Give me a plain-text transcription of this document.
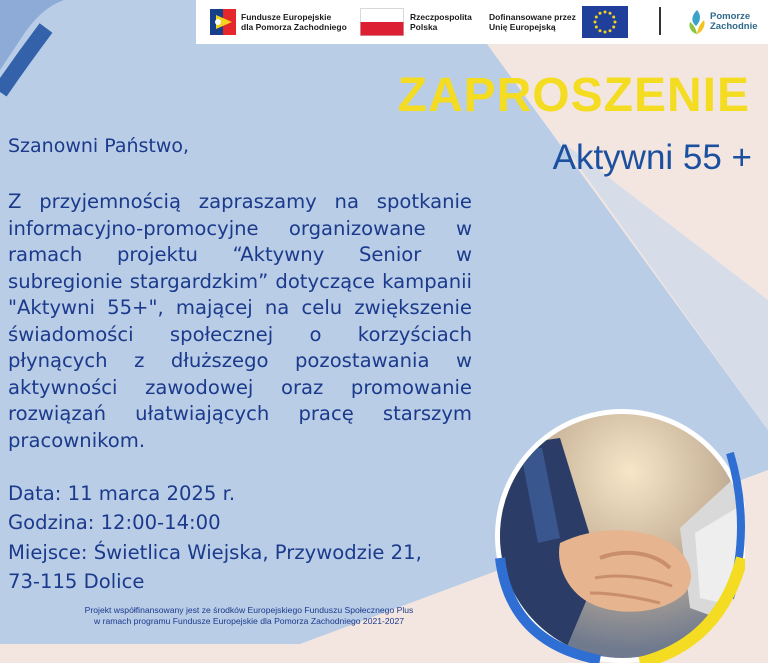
Fundusze Europejskie
dla Pomorza Zachodniego
Rzeczpospolita
Polska
Dofinansowane przez
Unię Europejską
Pomorze
Zachodnie
ZAPROSZENIE
Aktywni 55 +
Szanowni Państwo,
Z przyjemnością zapraszamy na spotkanie informacyjno-promocyjne organizowane w ramach projektu “Aktywny Senior w subregionie stargardzkim” dotyczące kampanii "Aktywni 55+", mającej na celu zwiększenie świadomości społecznej o korzyściach płynących z dłuższego pozostawania w aktywności zawodowej oraz promowanie rozwiązań ułatwiających pracę starszym pracownikom.
Data: 11 marca 2025 r.
Godzina: 12:00-14:00
Miejsce: Świetlica Wiejska, Przywodzie 21,
73-115 Dolice
Projekt współfinansowany jest ze środków Europejskiego Funduszu Społecznego Plus
w ramach programu Fundusze Europejskie dla Pomorza Zachodniego 2021-2027
